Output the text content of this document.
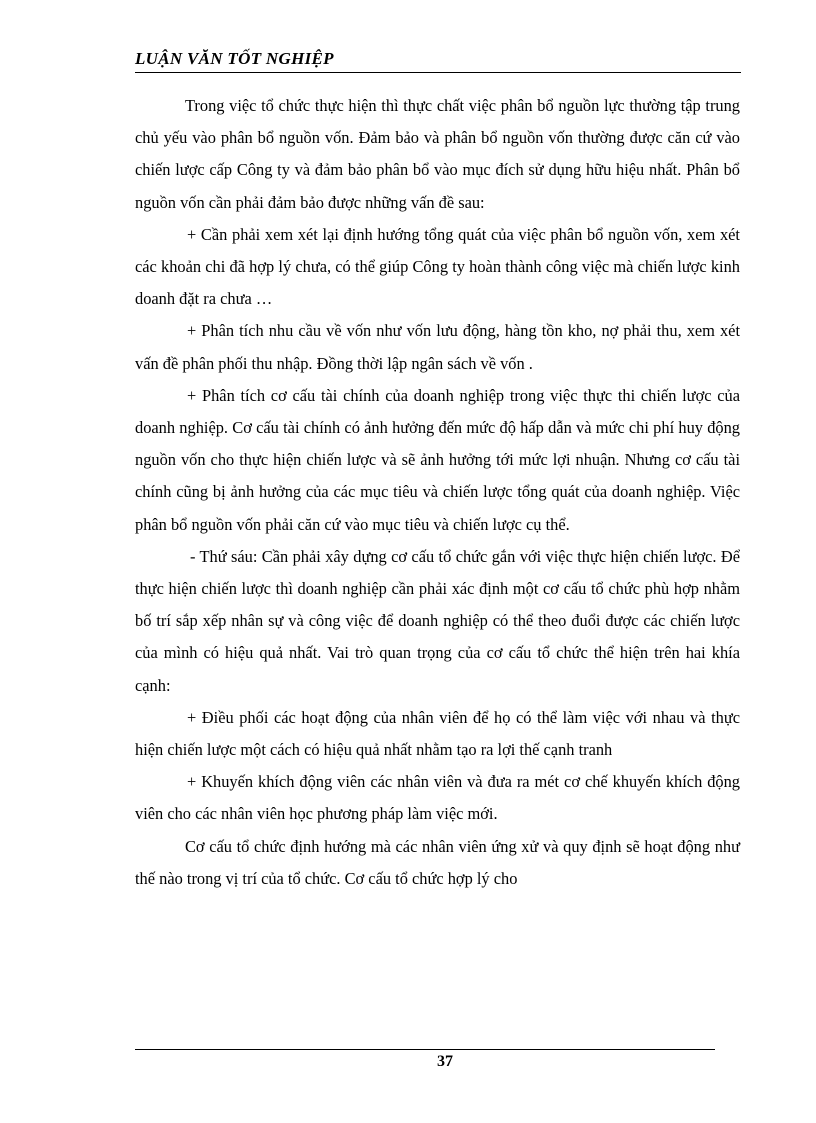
LUẬN VĂN TỐT NGHIỆP

Trong việc tổ chức thực hiện thì thực chất việc phân bổ nguồn lực thường tập trung chủ yếu vào phân bổ nguồn vốn. Đảm bảo và phân bổ nguồn vốn thường được căn cứ vào chiến lược cấp Công ty và đảm bảo phân bổ vào mục đích sử dụng hữu hiệu nhất. Phân bổ nguồn vốn cần phải đảm bảo được những vấn đề sau:

+ Cần phải xem xét lại định hướng tổng quát của việc phân bổ nguồn vốn, xem xét các khoản chi đã hợp lý chưa, có thể giúp Công ty hoàn thành công việc mà chiến lược kinh doanh đặt ra chưa …

+ Phân tích nhu cầu về vốn như vốn lưu động, hàng tồn kho, nợ phải thu, xem xét vấn đề phân phối thu nhập. Đồng thời lập ngân sách về vốn .

+ Phân tích cơ cấu tài chính của doanh nghiệp trong việc thực thi chiến lược của doanh nghiệp. Cơ cấu tài chính có ảnh hưởng đến mức độ hấp dẫn và mức chi phí huy động nguồn vốn cho thực hiện chiến lược và sẽ ảnh hưởng tới mức lợi nhuận. Nhưng cơ cấu tài chính cũng bị ảnh hưởng của các mục tiêu và chiến lược tổng quát của doanh nghiệp. Việc phân bổ nguồn vốn phải căn cứ vào mục tiêu và chiến lược cụ thể.

- Thứ sáu: Cần phải xây dựng cơ cấu tổ chức gắn với việc thực hiện chiến lược. Để thực hiện chiến lược thì doanh nghiệp cần phải xác định một cơ cấu tổ chức phù hợp nhằm bố trí sắp xếp nhân sự và công việc để doanh nghiệp có thể theo đuổi được các chiến lược của mình có hiệu quả nhất. Vai trò quan trọng của cơ cấu tổ chức thể hiện trên hai khía cạnh:

+ Điều phối các hoạt động của nhân viên để họ có thể làm việc với nhau và thực hiện chiến lược một cách có hiệu quả nhất nhằm tạo ra lợi thế cạnh tranh

+ Khuyến khích động viên các nhân viên và đưa ra mét cơ chế khuyến khích động viên cho các nhân viên học phương pháp làm việc mới.

Cơ cấu tổ chức định hướng mà các nhân viên ứng xử và quy định sẽ hoạt động như thế nào trong vị trí của tổ chức. Cơ cấu tổ chức hợp lý cho

37
